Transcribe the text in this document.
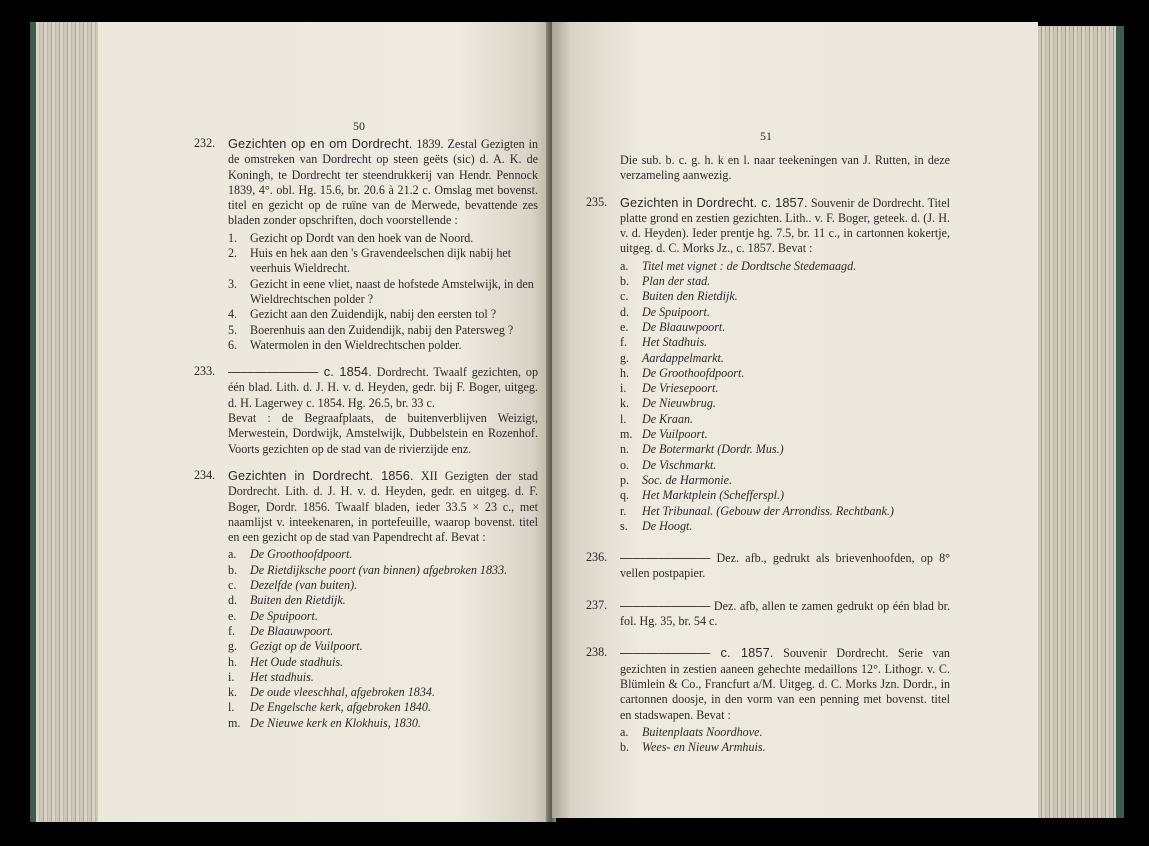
50
232. Gezichten op en om Dordrecht. 1839. Zestal Gezigten in de omstreken van Dordrecht op steen geëts (sic) d. A. K. de Koningh, te Dordrecht ter steendrukkerij van Hendr. Pennock 1839, 4°. obl. Hg. 15.6, br. 20.6 à 21.2 c. Omslag met bovenst. titel en gezicht op de ruïne van de Merwede, bevattende zes bladen zonder opschriften, doch voorstellende :
1. Gezicht op Dordt van den hoek van de Noord.
2. Huis en hek aan den 's Gravendeelschen dijk nabij het veerhuis Wieldrecht.
3. Gezicht in eene vliet, naast de hofstede Amstelwijk, in den Wieldrechtschen polder ?
4. Gezicht aan den Zuidendijk, nabij den eersten tol ?
5. Boerenhuis aan den Zuidendijk, nabij den Patersweg ?
6. Watermolen in den Wieldrechtschen polder.
233. ——————— c. 1854. Dordrecht. Twaalf gezichten, op één blad. Lith. d. J. H. v. d. Heyden, gedr. bij F. Boger, uitgeg. d. H. Lagerwey c. 1854. Hg. 26.5, br. 33 c.
Bevat : de Begraafplaats, de buitenverblijven Weizigt, Merwestein, Dordwijk, Amstelwijk, Dubbelstein en Rozenhof. Voorts gezichten op de stad van de rivierzijde enz.
234. Gezichten in Dordrecht. 1856. XII Gezigten der stad Dordrecht. Lith. d. J. H. v. d. Heyden, gedr. en uitgeg. d. F. Boger, Dordr. 1856. Twaalf bladen, ieder 33.5 × 23 c., met naamlijst v. inteekenaren, in portefeuille, waarop bovenst. titel en een gezicht op de stad van Papendrecht af. Bevat :
a. De Groothoofdpoort.
b. De Rietdijksche poort (van binnen) afgebroken 1833.
c. Dezelfde (van buiten).
d. Buiten den Rietdijk.
e. De Spuipoort.
f. De Blaauwpoort.
g. Gezigt op de Vuilpoort.
h. Het Oude stadhuis.
i. Het stadhuis.
k. De oude vleeschhal, afgebroken 1834.
l. De Engelsche kerk, afgebroken 1840.
m. De Nieuwe kerk en Klokhuis, 1830.
51
Die sub. b. c. g. h. k en l. naar teekeningen van J. Rutten, in deze verzameling aanwezig.
235. Gezichten in Dordrecht. c. 1857. Souvenir de Dordrecht. Titel platte grond en zestien gezichten. Lith.. v. F. Boger, geteek. d. (J. H. v. d. Heyden). Ieder prentje hg. 7.5, br. 11 c., in cartonnen kokertje, uitgeg. d. C. Morks Jz., c. 1857. Bevat :
a. Titel met vignet : de Dordtsche Stedemaagd.
b. Plan der stad.
c. Buiten den Rietdijk.
d. De Spuipoort.
e. De Blaauwpoort.
f. Het Stadhuis.
g. Aardappelmarkt.
h. De Groothoofdpoort.
i. De Vriesepoort.
k. De Nieuwbrug.
l. De Kraan.
m. De Vuilpoort.
n. De Botermarkt (Dordr. Mus.)
o. De Vischmarkt.
p. Soc. de Harmonie.
q. Het Marktplein (Schefferspl.)
r. Het Tribunaal. (Gebouw der Arrondiss. Rechtbank.)
s. De Hoogt.
236. ——————— Dez. afb., gedrukt als brievenhoofden, op 8° vellen postpapier.
237. ——————— Dez. afb, allen te zamen gedrukt op één blad br. fol. Hg. 35, br. 54 c.
238. ——————— c. 1857. Souvenir Dordrecht. Serie van gezichten in zestien aaneen gehechte medaillons 12°. Lithogr. v. C. Blümlein & Co., Francfurt a/M. Uitgeg. d. C. Morks Jzn. Dordr., in cartonnen doosje, in den vorm van een penning met bovenst. titel en stadswapen. Bevat :
a. Buitenplaats Noordhove.
b. Wees- en Nieuw Armhuis.
